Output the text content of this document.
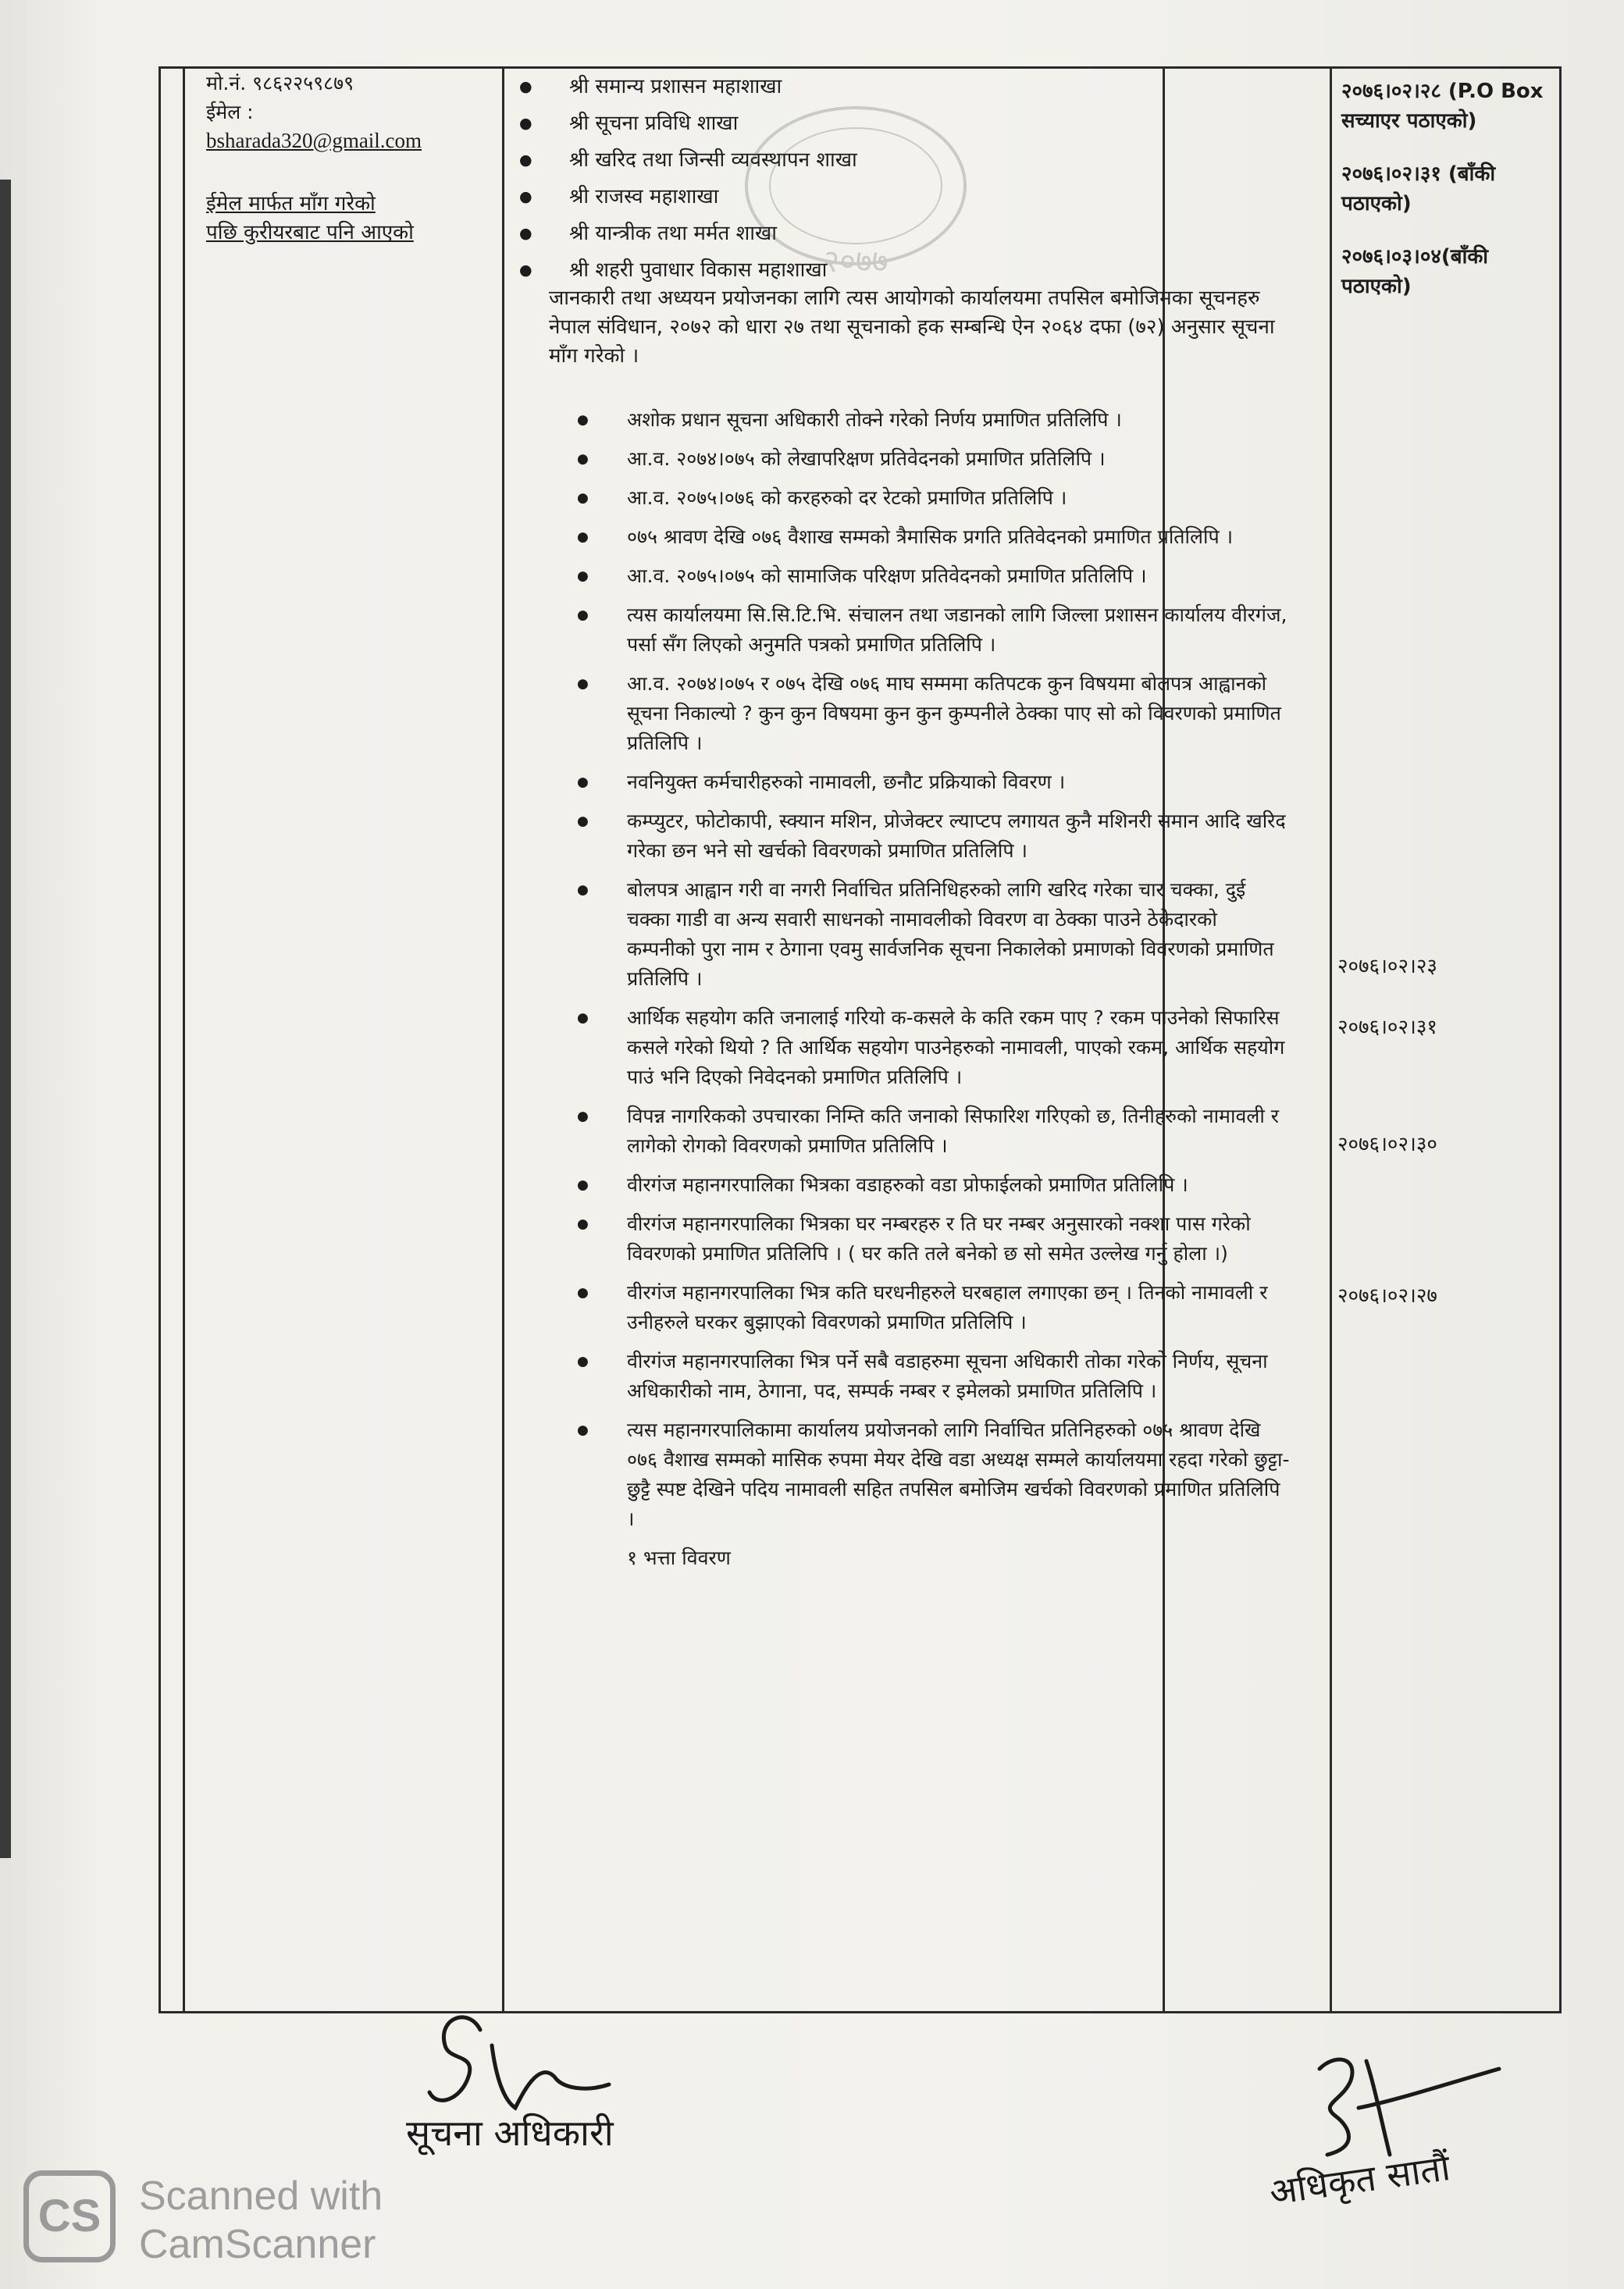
मो.नं. ९८६२२५९८७९
ईमेल :
bsharada320@gmail.com
ईमेल मार्फत माँग गरेको
पछि कुरीयरबाट पनि आएको
● श्री समान्य प्रशासन महाशाखा
● श्री सूचना प्रविधि शाखा
● श्री खरिद तथा जिन्सी व्यवस्थापन शाखा
● श्री राजस्व महाशाखा
● श्री यान्त्रीक तथा मर्मत शाखा
● श्री शहरी पुवाधार विकास महाशाखा

जानकारी तथा अध्ययन प्रयोजनका लागि त्यस आयोगको कार्यालयमा तपसिल बमोजिमका सूचनहरु नेपाल संविधान, २०७२ को धारा २७ तथा सूचनाको हक सम्बन्धि ऐन २०६४ दफा (७२) अनुसार सूचना माँग गरेको ।

● अशोक प्रधान सूचना अधिकारी तोक्ने गरेको निर्णय प्रमाणित प्रतिलिपि ।
● आ.व. २०७४।०७५ को लेखापरिक्षण प्रतिवेदनको प्रमाणित प्रतिलिपि ।
● आ.व. २०७५।०७६ को करहरुको दर रेटको प्रमाणित प्रतिलिपि ।
● ०७५ श्रावण देखि ०७६ वैशाख सम्मको त्रैमासिक प्रगति प्रतिवेदनको प्रमाणित प्रतिलिपि ।
● आ.व. २०७५।०७५ को सामाजिक परिक्षण प्रतिवेदनको प्रमाणित प्रतिलिपि ।
● त्यस कार्यालयमा सि.सि.टि.भि. संचालन तथा जडानको लागि जिल्ला प्रशासन कार्यालय वीरगंज, पर्सा सँग लिएको अनुमति पत्रको प्रमाणित प्रतिलिपि ।
● आ.व. २०७४।०७५ र ०७५ देखि ०७६ माघ सम्ममा कतिपटक कुन विषयमा बोलपत्र आह्वानको सूचना निकाल्यो ? कुन कुन विषयमा कुन कुन कुम्पनीले ठेक्का पाए सो को विवरणको प्रमाणित प्रतिलिपि ।
● नवनियुक्त कर्मचारीहरुको नामावली, छनौट प्रक्रियाको विवरण ।
● कम्प्युटर, फोटोकापी, स्क्यान मशिन, प्रोजेक्टर ल्याप्टप लगायत कुनै मशिनरी समान आदि खरिद गरेका छन भने सो खर्चको विवरणको प्रमाणित प्रतिलिपि ।
● बोलपत्र आह्वान गरी वा नगरी निर्वाचित प्रतिनिधिहरुको लागि खरिद गरेका चार चक्का, दुई चक्का गाडी वा अन्य सवारी साधनको नामावलीको विवरण वा ठेक्का पाउने ठेकेदारको कम्पनीको पुरा नाम र ठेगाना एवमु सार्वजनिक सूचना निकालेको प्रमाणको विवरणको प्रमाणित प्रतिलिपि ।
● आर्थिक सहयोग कति जनालाई गरियो क-कसले के कति रकम पाए ? रकम पाउनेको सिफारिस कसले गरेको थियो ? ति आर्थिक सहयोग पाउनेहरुको नामावली, पाएको रकम, आर्थिक सहयोग पाउं भनि दिएको निवेदनको प्रमाणित प्रतिलिपि ।
● विपन्न नागरिकको उपचारका निम्ति कति जनाको सिफारिश गरिएको छ, तिनीहरुको नामावली र लागेको रोगको विवरणको प्रमाणित प्रतिलिपि ।
● वीरगंज महानगरपालिका भित्रका वडाहरुको वडा प्रोफाईलको प्रमाणित प्रतिलिपि ।
● वीरगंज महानगरपालिका भित्रका घर नम्बरहरु र ति घर नम्बर अनुसारको नक्शा पास गरेको विवरणको प्रमाणित प्रतिलिपि । ( घर कति तले बनेको छ सो समेत उल्लेख गर्नु होला ।)
● वीरगंज महानगरपालिका भित्र कति घरधनीहरुले घरबहाल लगाएका छन् । तिनको नामावली र उनीहरुले घरकर बुझाएको विवरणको प्रमाणित प्रतिलिपि ।
● वीरगंज महानगरपालिका भित्र पर्ने सबै वडाहरुमा सूचना अधिकारी तोका गरेको निर्णय, सूचना अधिकारीको नाम, ठेगाना, पद, सम्पर्क नम्बर र इमेलको प्रमाणित प्रतिलिपि ।
● त्यस महानगरपालिकामा कार्यालय प्रयोजनको लागि निर्वाचित प्रतिनिहरुको ०७५ श्रावण देखि ०७६ वैशाख सम्मको मासिक रुपमा मेयर देखि वडा अध्यक्ष सम्मले कार्यालयमा रहदा गरेको छुट्टा-छुट्टै स्पष्ट देखिने पदिय नामावली सहित तपसिल बमोजिम खर्चको विवरणको प्रमाणित प्रतिलिपि ।

१ भत्ता विवरण

२०७६।०२।२३
२०७६।०२।३१
२०७६।०२।३०
२०७६।०२।२७

२०७६।०२।२८ (P.O Box सच्याएर पठाएको)

२०७६।०२।३१ (बाँकी पठाएको)

२०७६।०३।०४(बाँकी पठाएको)

२०७७
सूचना अधिकारी
अधिकृत सातौं
CS Scanned with
CamScanner
